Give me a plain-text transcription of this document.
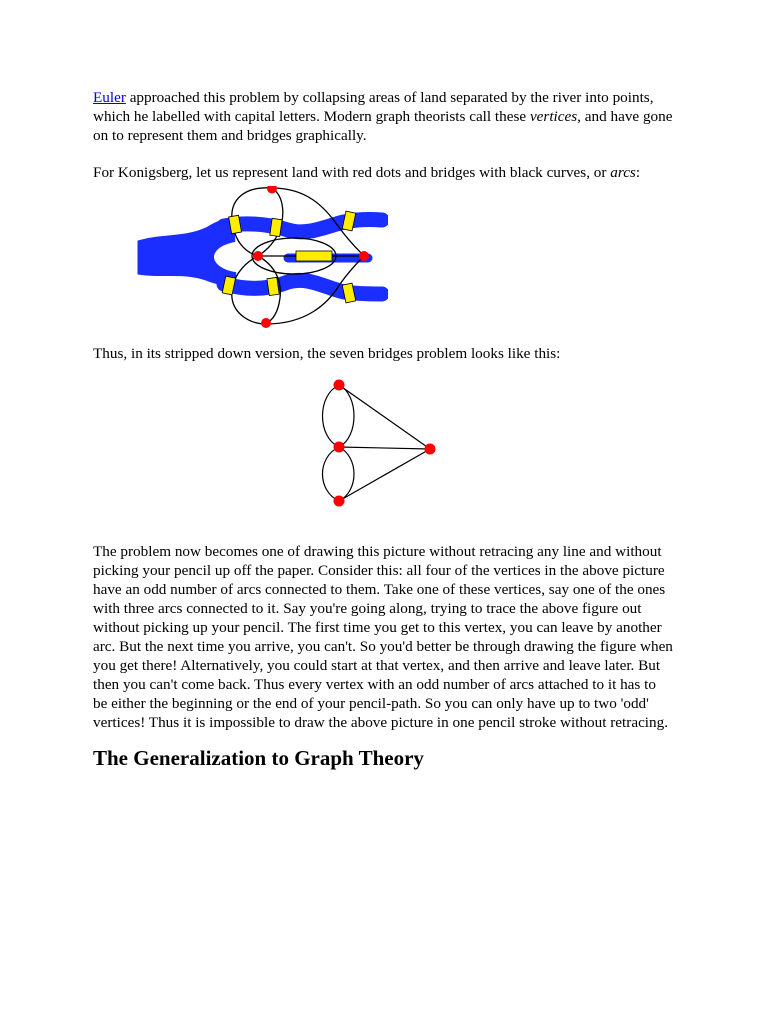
Euler approached this problem by collapsing areas of land separated by the river into points, which he labelled with capital letters. Modern graph theorists call these vertices, and have gone on to represent them and bridges graphically.

For Konigsberg, let us represent land with red dots and bridges with black curves, or arcs:

Thus, in its stripped down version, the seven bridges problem looks like this:

The problem now becomes one of drawing this picture without retracing any line and without picking your pencil up off the paper. Consider this: all four of the vertices in the above picture have an odd number of arcs connected to them. Take one of these vertices, say one of the ones with three arcs connected to it. Say you're going along, trying to trace the above figure out without picking up your pencil. The first time you get to this vertex, you can leave by another arc. But the next time you arrive, you can't. So you'd better be through drawing the figure when you get there! Alternatively, you could start at that vertex, and then arrive and leave later. But then you can't come back. Thus every vertex with an odd number of arcs attached to it has to be either the beginning or the end of your pencil-path. So you can only have up to two 'odd' vertices! Thus it is impossible to draw the above picture in one pencil stroke without retracing.

The Generalization to Graph Theory
